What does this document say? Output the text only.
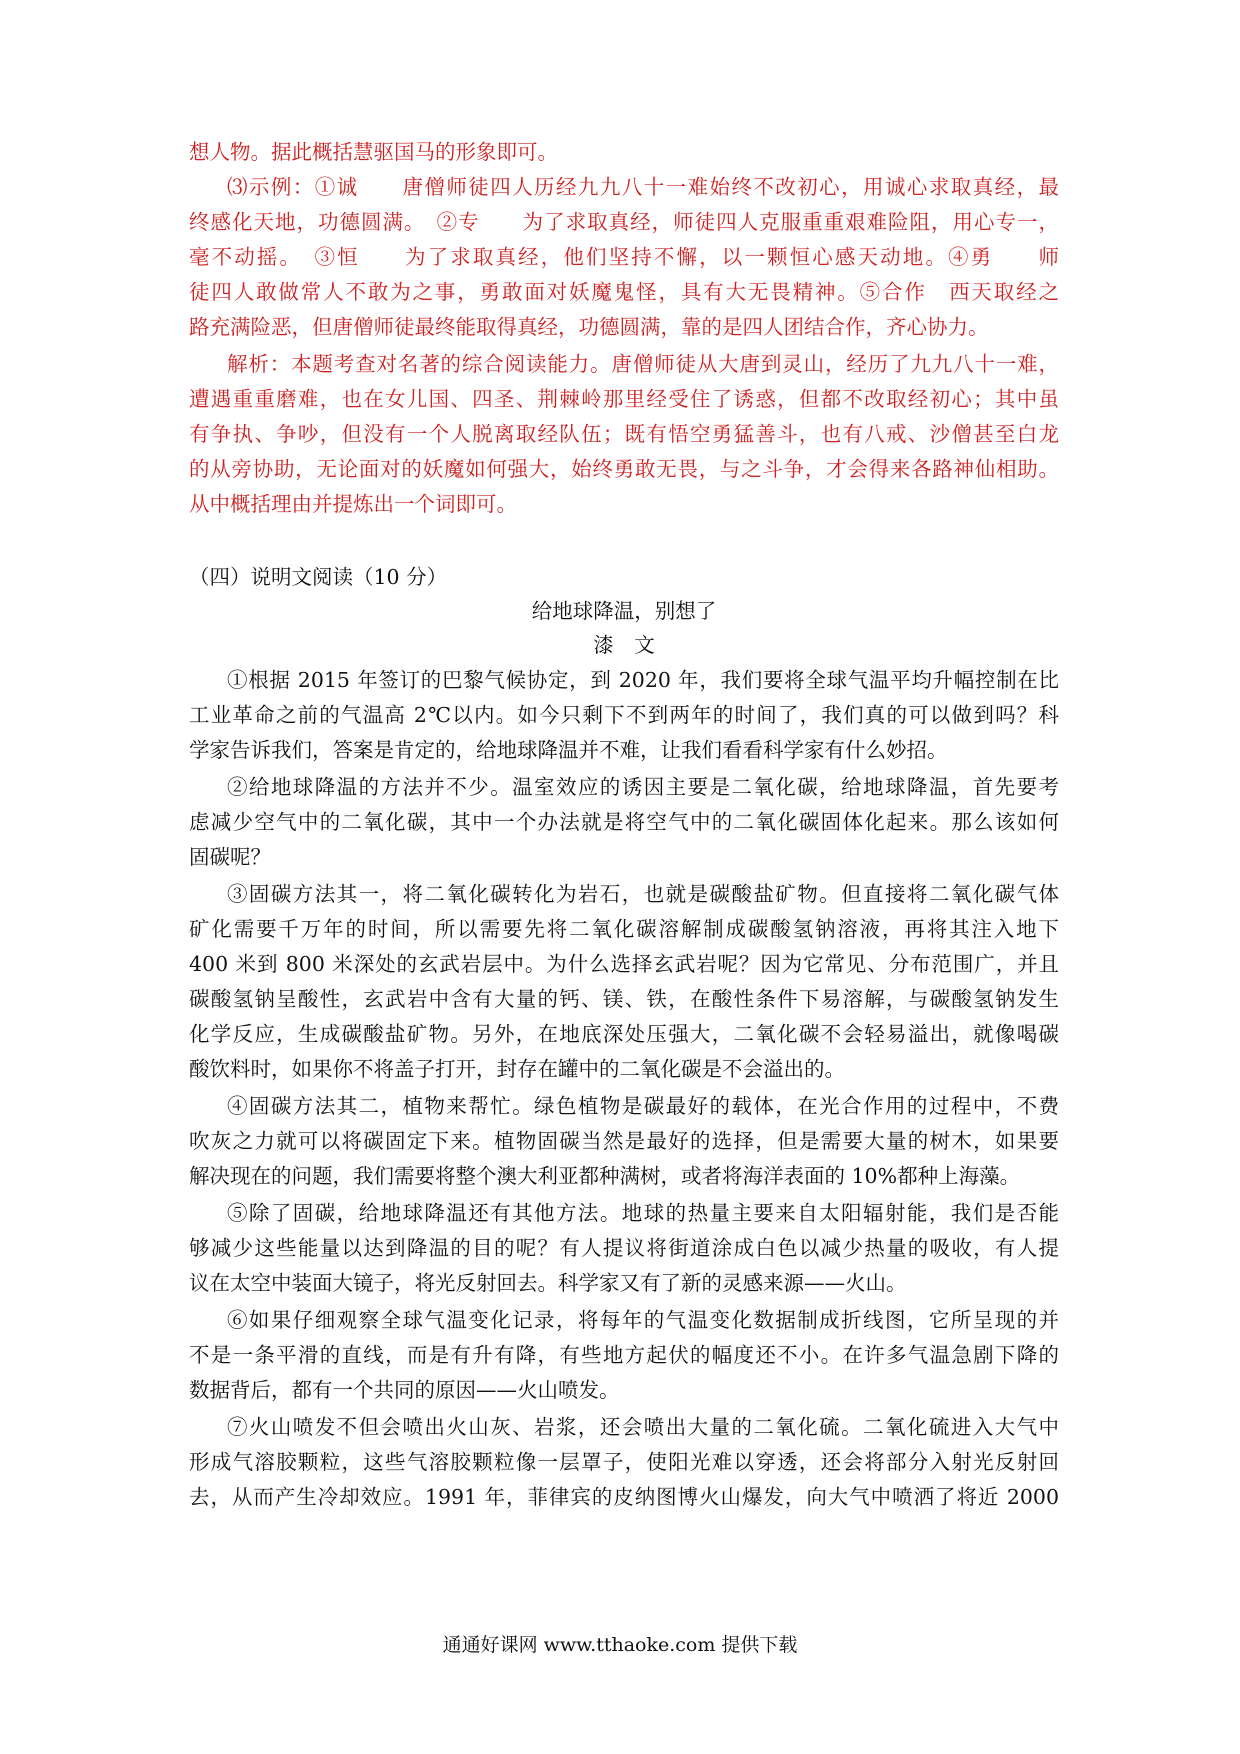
想人物。据此概括慧驱国马的形象即可。
⑶示例：①诚　　唐僧师徒四人历经九九八十一难始终不改初心，用诚心求取真经，最
终感化天地，功德圆满。　②专　　为了求取真经，师徒四人克服重重艰难险阻，用心专一，
毫不动摇。　③恒　　为了求取真经，他们坚持不懈，以一颗恒心感天动地。④勇　　师
徒四人敢做常人不敢为之事，勇敢面对妖魔鬼怪，具有大无畏精神。⑤合作　西天取经之
路充满险恶，但唐僧师徒最终能取得真经，功德圆满，靠的是四人团结合作，齐心协力。
解析：本题考查对名著的综合阅读能力。唐僧师徒从大唐到灵山，经历了九九八十一难，
遭遇重重磨难，也在女儿国、四圣、荆棘岭那里经受住了诱惑，但都不改取经初心；其中虽
有争执、争吵，但没有一个人脱离取经队伍；既有悟空勇猛善斗，也有八戒、沙僧甚至白龙
的从旁协助，无论面对的妖魔如何强大，始终勇敢无畏，与之斗争，才会得来各路神仙相助。
从中概括理由并提炼出一个词即可。
（四）说明文阅读（10 分）
给地球降温，别想了
漆　文
①根据 2015 年签订的巴黎气候协定，到 2020 年，我们要将全球气温平均升幅控制在比
工业革命之前的气温高 2℃以内。如今只剩下不到两年的时间了，我们真的可以做到吗？科
学家告诉我们，答案是肯定的，给地球降温并不难，让我们看看科学家有什么妙招。
②给地球降温的方法并不少。温室效应的诱因主要是二氧化碳，给地球降温，首先要考
虑减少空气中的二氧化碳，其中一个办法就是将空气中的二氧化碳固体化起来。那么该如何
固碳呢？
③固碳方法其一，将二氧化碳转化为岩石，也就是碳酸盐矿物。但直接将二氧化碳气体
矿化需要千万年的时间，所以需要先将二氧化碳溶解制成碳酸氢钠溶液，再将其注入地下
400 米到 800 米深处的玄武岩层中。为什么选择玄武岩呢？因为它常见、分布范围广，并且
碳酸氢钠呈酸性，玄武岩中含有大量的钙、镁、铁，在酸性条件下易溶解，与碳酸氢钠发生
化学反应，生成碳酸盐矿物。另外，在地底深处压强大，二氧化碳不会轻易溢出，就像喝碳
酸饮料时，如果你不将盖子打开，封存在罐中的二氧化碳是不会溢出的。
④固碳方法其二，植物来帮忙。绿色植物是碳最好的载体，在光合作用的过程中，不费
吹灰之力就可以将碳固定下来。植物固碳当然是最好的选择，但是需要大量的树木，如果要
解决现在的问题，我们需要将整个澳大利亚都种满树，或者将海洋表面的 10%都种上海藻。
⑤除了固碳，给地球降温还有其他方法。地球的热量主要来自太阳辐射能，我们是否能
够减少这些能量以达到降温的目的呢？有人提议将街道涂成白色以减少热量的吸收，有人提
议在太空中装面大镜子，将光反射回去。科学家又有了新的灵感来源——火山。
⑥如果仔细观察全球气温变化记录，将每年的气温变化数据制成折线图，它所呈现的并
不是一条平滑的直线，而是有升有降，有些地方起伏的幅度还不小。在许多气温急剧下降的
数据背后，都有一个共同的原因——火山喷发。
⑦火山喷发不但会喷出火山灰、岩浆，还会喷出大量的二氧化硫。二氧化硫进入大气中
形成气溶胶颗粒，这些气溶胶颗粒像一层罩子，使阳光难以穿透，还会将部分入射光反射回
去，从而产生冷却效应。1991 年，菲律宾的皮纳图博火山爆发，向大气中喷洒了将近 2000
通通好课网 www.tthaoke.com 提供下载
